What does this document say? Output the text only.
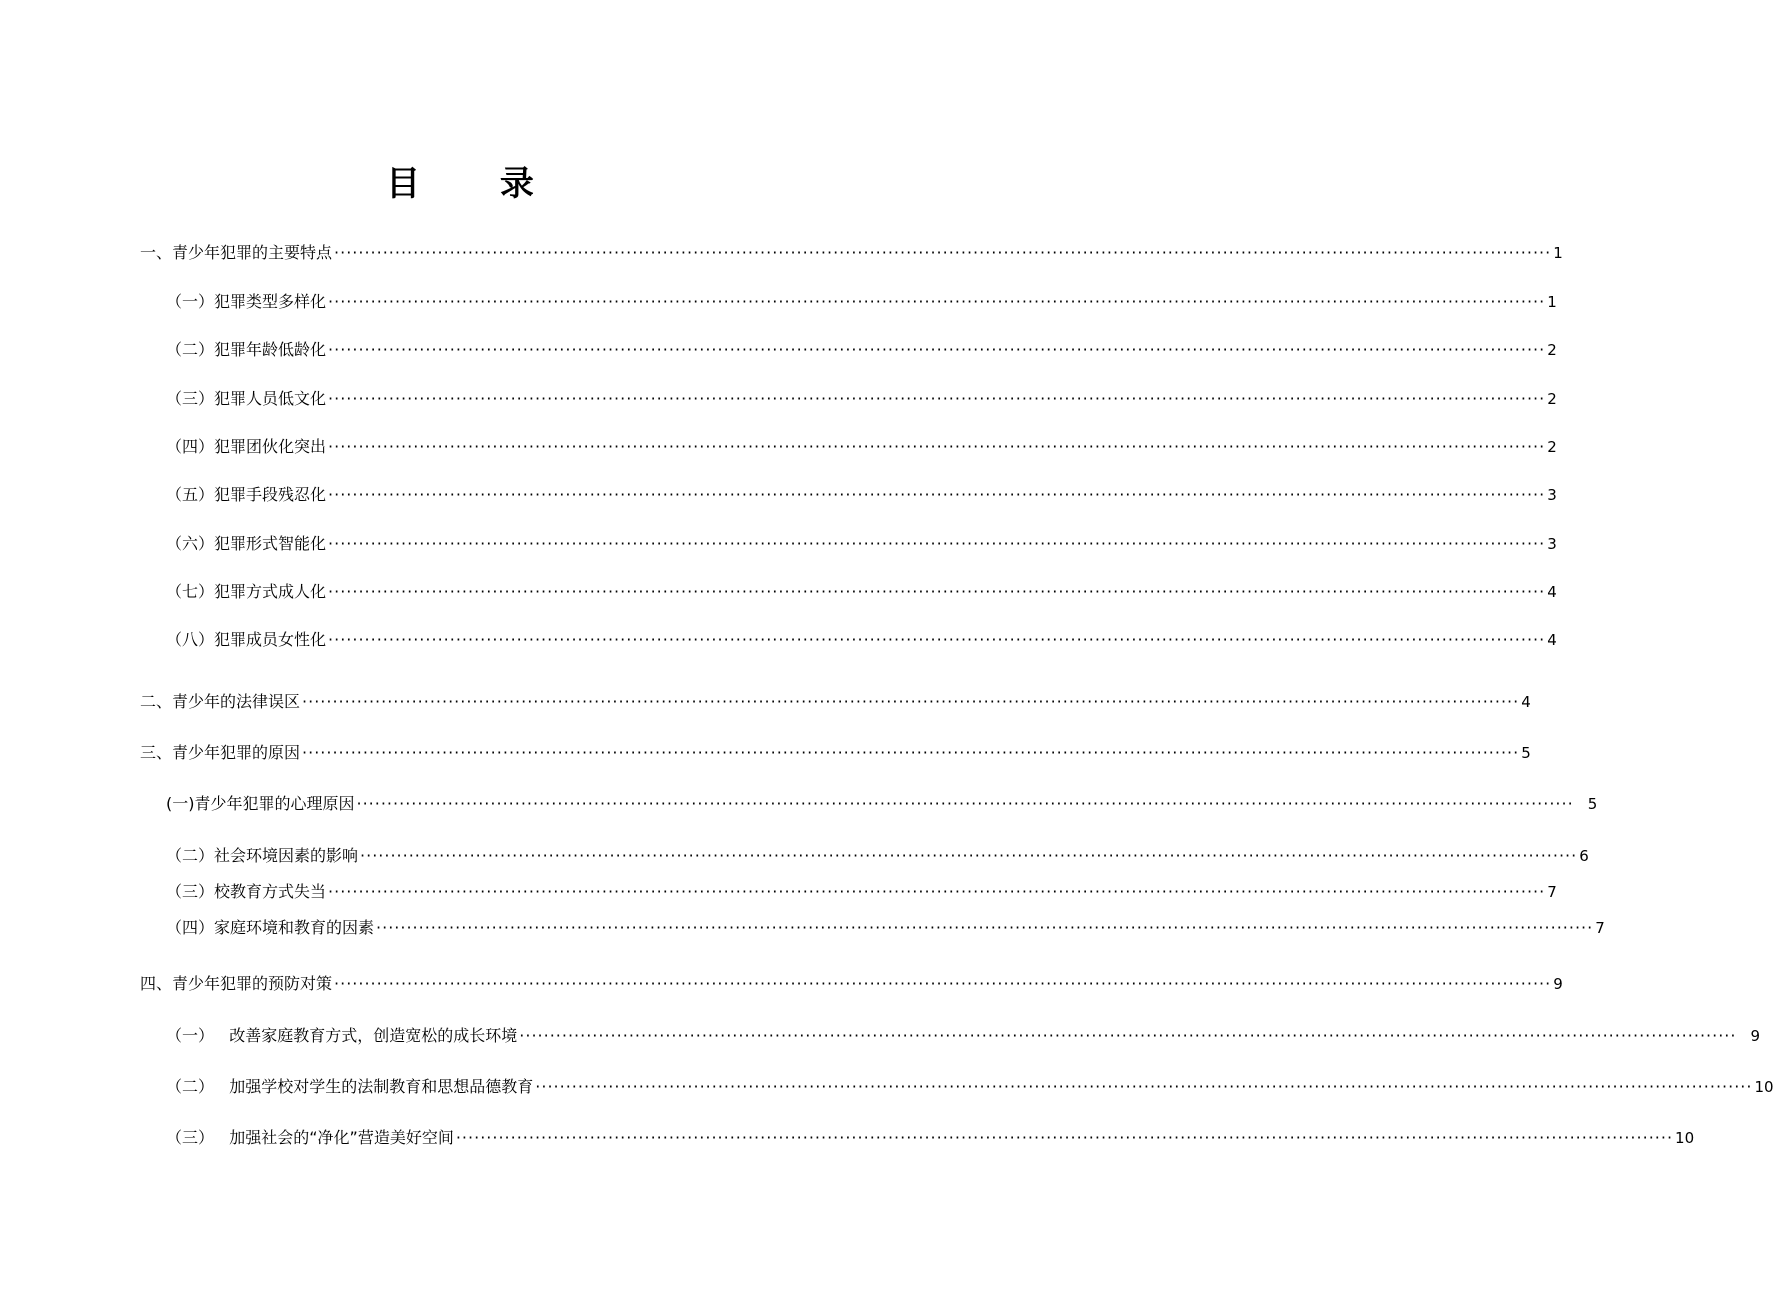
目 录
一、青少年犯罪的主要特点 ········································································································································································································ 1
（一）犯罪类型多样化 ········································································································································································································ 1
（二）犯罪年龄低龄化 ········································································································································································································ 2
（三）犯罪人员低文化 ········································································································································································································ 2
（四）犯罪团伙化突出 ········································································································································································································ 2
（五）犯罪手段残忍化 ········································································································································································································ 3
（六）犯罪形式智能化 ········································································································································································································ 3
（七）犯罪方式成人化 ········································································································································································································ 4
（八）犯罪成员女性化 ········································································································································································································ 4
二、青少年的法律误区 ········································································································································································································ 4
三、青少年犯罪的原因 ········································································································································································································ 5
(一)青少年犯罪的心理原因 ········································································································································································································ 5
（二）社会环境因素的影响 ········································································································································································································ 6
（三）校教育方式失当 ········································································································································································································ 7
（四）家庭环境和教育的因素 ········································································································································································································ 7
四、青少年犯罪的预防对策 ········································································································································································································ 9
（一）   改善家庭教育方式，创造宽松的成长环境 ········································································································································································································ 9
（二）   加强学校对学生的法制教育和思想品德教育 ········································································································································································································ 10
（三）   加强社会的“净化”营造美好空间 ········································································································································································································ 10
